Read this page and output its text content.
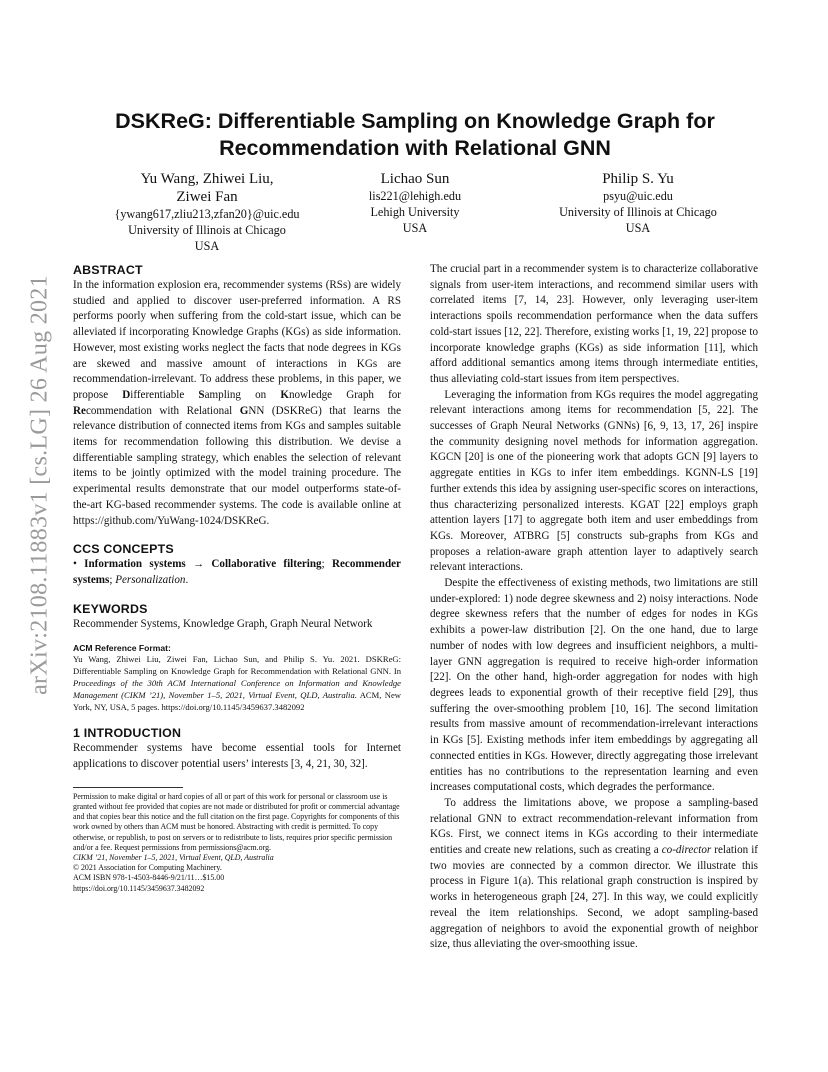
arXiv:2108.11883v1 [cs.LG] 26 Aug 2021
DSKReG: Differentiable Sampling on Knowledge Graph for
Recommendation with Relational GNN
Yu Wang, Zhiwei Liu,
Ziwei Fan
{ywang617,zliu213,zfan20}@uic.edu
University of Illinois at Chicago
USA
Lichao Sun
lis221@lehigh.edu
Lehigh University
USA
Philip S. Yu
psyu@uic.edu
University of Illinois at Chicago
USA
ABSTRACT

In the information explosion era, recommender systems (RSs) are widely studied and applied to discover user-preferred information. A RS performs poorly when suffering from the cold-start issue, which can be alleviated if incorporating Knowledge Graphs (KGs) as side information. However, most existing works neglect the facts that node degrees in KGs are skewed and massive amount of interactions in KGs are recommendation-irrelevant. To address these problems, in this paper, we propose Differentiable Sampling on Knowledge Graph for Recommendation with Relational GNN (DSKReG) that learns the relevance distribution of connected items from KGs and samples suitable items for recommendation following this distribution. We devise a differentiable sampling strategy, which enables the selection of relevant items to be jointly optimized with the model training procedure. The experimental results demonstrate that our model outperforms state-of-the-art KG-based recommender systems. The code is available online at https://github.com/YuWang-1024/DSKReG.

CCS CONCEPTS

• Information systems → Collaborative filtering; Recommender systems; Personalization.

KEYWORDS

Recommender Systems, Knowledge Graph, Graph Neural Network

ACM Reference Format:

Yu Wang, Zhiwei Liu, Ziwei Fan, Lichao Sun, and Philip S. Yu. 2021. DSKReG: Differentiable Sampling on Knowledge Graph for Recommendation with Relational GNN. In Proceedings of the 30th ACM International Conference on Information and Knowledge Management (CIKM ’21), November 1–5, 2021, Virtual Event, QLD, Australia. ACM, New York, NY, USA, 5 pages. https://doi.org/10.1145/3459637.3482092

1 INTRODUCTION

Recommender systems have become essential tools for Internet applications to discover potential users’ interests [3, 4, 21, 30, 32].

Permission to make digital or hard copies of all or part of this work for personal or classroom use is granted without fee provided that copies are not made or distributed for profit or commercial advantage and that copies bear this notice and the full citation on the first page. Copyrights for components of this work owned by others than ACM must be honored. Abstracting with credit is permitted. To copy otherwise, or republish, to post on servers or to redistribute to lists, requires prior specific permission and/or a fee. Request permissions from permissions@acm.org.

CIKM ’21, November 1–5, 2021, Virtual Event, QLD, Australia

© 2021 Association for Computing Machinery.

ACM ISBN 978-1-4503-8446-9/21/11…$15.00

https://doi.org/10.1145/3459637.3482092

The crucial part in a recommender system is to characterize collaborative signals from user-item interactions, and recommend similar users with correlated items [7, 14, 23]. However, only leveraging user-item interactions spoils recommendation performance when the data suffers cold-start issues [12, 22]. Therefore, existing works [1, 19, 22] propose to incorporate knowledge graphs (KGs) as side information [11], which afford additional semantics among items through intermediate entities, thus alleviating cold-start issues from item perspectives.

Leveraging the information from KGs requires the model aggregating relevant interactions among items for recommendation [5, 22]. The successes of Graph Neural Networks (GNNs) [6, 9, 13, 17, 26] inspire the community designing novel methods for information aggregation. KGCN [20] is one of the pioneering work that adopts GCN [9] layers to aggregate entities in KGs to infer item embeddings. KGNN-LS [19] further extends this idea by assigning user-specific scores on interactions, thus characterizing personalized interests. KGAT [22] employs graph attention layers [17] to aggregate both item and user embeddings from KGs. Moreover, ATBRG [5] constructs sub-graphs from KGs and proposes a relation-aware graph attention layer to adaptively search relevant interactions.

Despite the effectiveness of existing methods, two limitations are still under-explored: 1) node degree skewness and 2) noisy interactions. Node degree skewness refers that the number of edges for nodes in KGs exhibits a power-law distribution [2]. On the one hand, due to large number of nodes with low degrees and insufficient neighbors, a multi-layer GNN aggregation is required to receive high-order information [22]. On the other hand, high-order aggregation for nodes with high degrees leads to exponential growth of their receptive field [29], thus suffering the over-smoothing problem [10, 16]. The second limitation results from massive amount of recommendation-irrelevant interactions in KGs [5]. Existing methods infer item embeddings by aggregating all connected entities in KGs. However, directly aggregating those irrelevant entities has no contributions to the representation learning and even increases computational costs, which degrades the performance.

To address the limitations above, we propose a sampling-based relational GNN to extract recommendation-relevant information from KGs. First, we connect items in KGs according to their intermediate entities and create new relations, such as creating a co-director relation if two movies are connected by a common director. We illustrate this process in Figure 1(a). This relational graph construction is inspired by works in heterogeneous graph [24, 27]. In this way, we could explicitly reveal the item relationships. Second, we adopt sampling-based aggregation of neighbors to avoid the exponential growth of neighbor size, thus alleviating the over-smoothing issue.
